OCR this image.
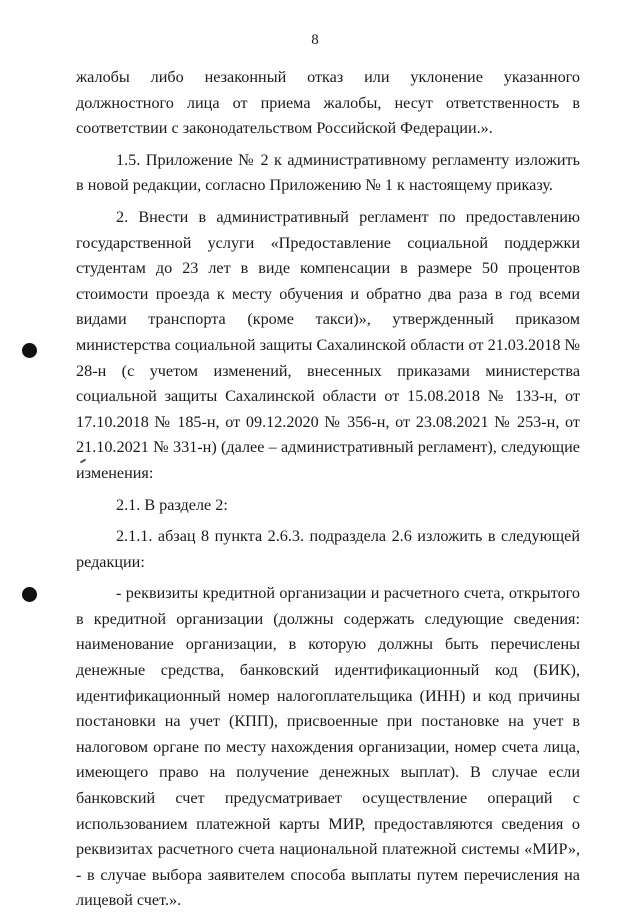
8

жалобы либо незаконный отказ или уклонение указанного должностного лица от приема жалобы, несут ответственность в соответствии с законодательством Российской Федерации.».

1.5. Приложение № 2 к административному регламенту изложить в новой редакции, согласно Приложению № 1 к настоящему приказу.

2. Внести в административный регламент по предоставлению государственной услуги «Предоставление социальной поддержки студентам до 23 лет в виде компенсации в размере 50 процентов стоимости проезда к месту обучения и обратно два раза в год всеми видами транспорта (кроме такси)», утвержденный приказом министерства социальной защиты Сахалинской области от 21.03.2018 № 28-н (с учетом изменений, внесенных приказами министерства социальной защиты Сахалинской области от 15.08.2018 № 133-н, от 17.10.2018 № 185-н, от 09.12.2020 № 356-н, от 23.08.2021 № 253-н, от 21.10.2021 № 331-н) (далее – административный регламент), следующие изменения:

2.1. В разделе 2:

2.1.1. абзац 8 пункта 2.6.3. подраздела 2.6 изложить в следующей редакции:

- реквизиты кредитной организации и расчетного счета, открытого в кредитной организации (должны содержать следующие сведения: наименование организации, в которую должны быть перечислены денежные средства, банковский идентификационный код (БИК), идентификационный номер налогоплательщика (ИНН) и код причины постановки на учет (КПП), присвоенные при постановке на учет в налоговом органе по месту нахождения организации, номер счета лица, имеющего право на получение денежных выплат). В случае если банковский счет предусматривает осуществление операций с использованием платежной карты МИР, предоставляются сведения о реквизитах расчетного счета национальной платежной системы «МИР», - в случае выбора заявителем способа выплаты путем перечисления на лицевой счет.».
